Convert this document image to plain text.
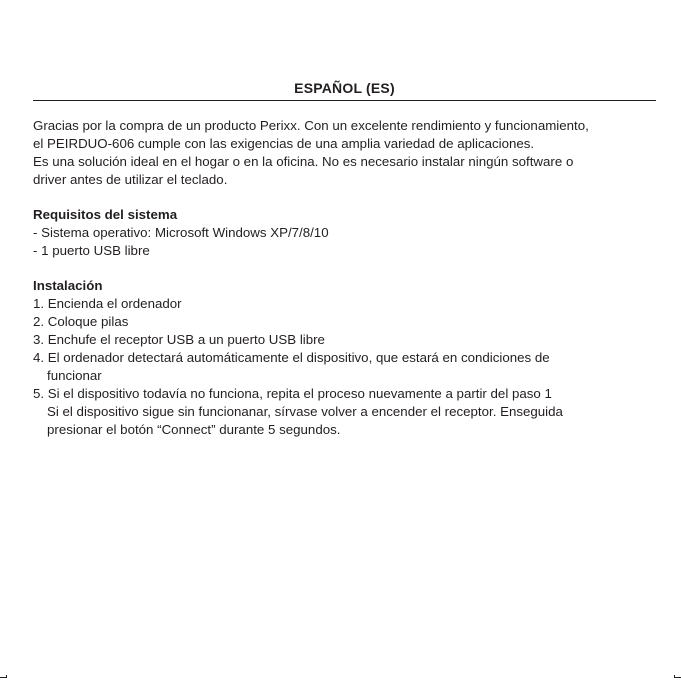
ESPAÑOL (ES)

Gracias por la compra de un producto Perixx. Con un excelente rendimiento y funcionamiento,

el PEIRDUO-606 cumple con las exigencias de una amplia variedad de aplicaciones.

Es una solución ideal en el hogar o en la oficina. No es necesario instalar ningún software o

driver antes de utilizar el teclado.

Requisitos del sistema

- Sistema operativo: Microsoft Windows XP/7/8/10

- 1 puerto USB libre

Instalación

1. Encienda el ordenador

2. Coloque pilas

3. Enchufe el receptor USB a un puerto USB libre

4. El ordenador detectará automáticamente el dispositivo, que estará en condiciones de

funcionar

5. Si el dispositivo todavía no funciona, repita el proceso nuevamente a partir del paso 1

Si el dispositivo sigue sin funcionanar, sírvase volver a encender el receptor. Enseguida

presionar el botón “Connect” durante 5 segundos.
